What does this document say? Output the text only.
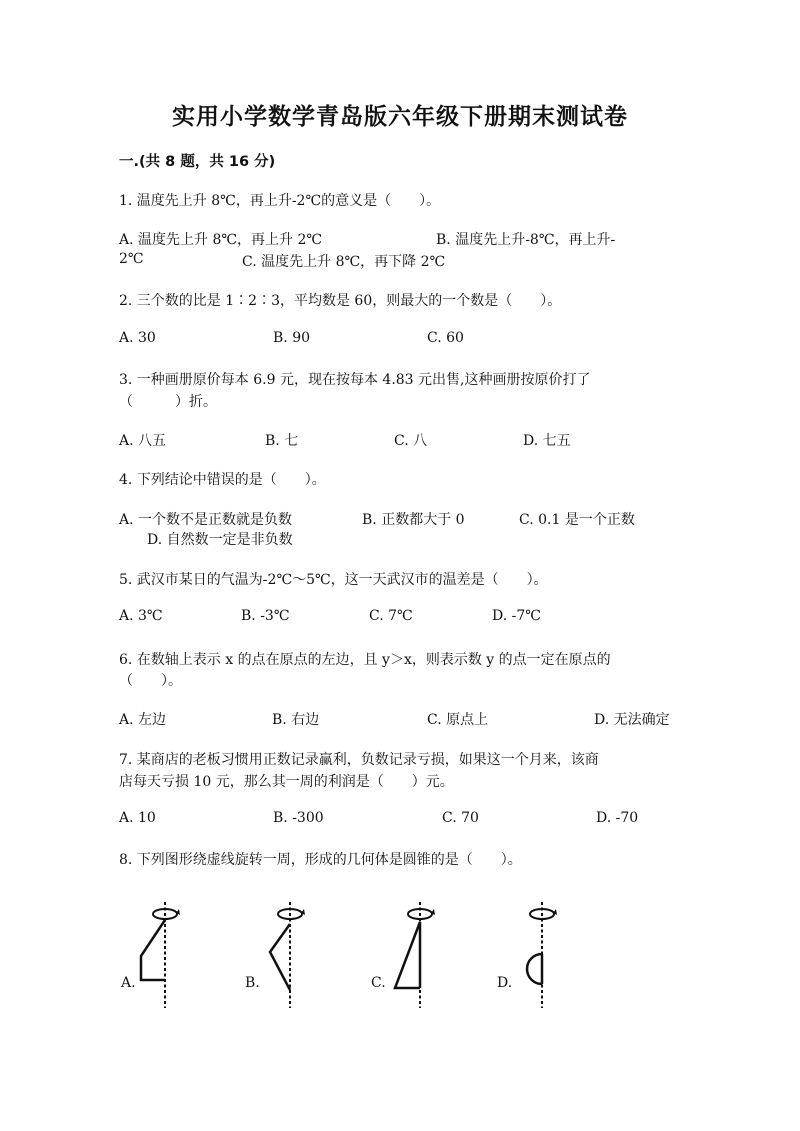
实用小学数学青岛版六年级下册期末测试卷
一.(共 8 题，共 16 分)
1. 温度先上升 8℃，再上升-2℃的意义是（　　）。
A. 温度先上升 8℃，再上升 2℃	B. 温度先上升-8℃，再上升-
2℃	C. 温度先上升 8℃，再下降 2℃
2. 三个数的比是 1∶2∶3，平均数是 60，则最大的一个数是（　　）。
A. 30	B. 90	C. 60
3. 一种画册原价每本 6.9 元，现在按每本 4.83 元出售,这种画册按原价打了
（　　　）折。
A. 八五	B. 七	C. 八	D. 七五
4. 下列结论中错误的是（　　）。
A. 一个数不是正数就是负数	B. 正数都大于 0	C. 0.1 是一个正数
D. 自然数一定是非负数
5. 武汉市某日的气温为-2℃～5℃，这一天武汉市的温差是（　　）。
A. 3℃	B. -3℃	C. 7℃	D. -7℃
6. 在数轴上表示 x 的点在原点的左边，且 y＞x，则表示数 y 的点一定在原点的
（　　）。
A. 左边	B. 右边	C. 原点上	D. 无法确定
7. 某商店的老板习惯用正数记录赢利，负数记录亏损，如果这一个月来，该商
店每天亏损 10 元，那么其一周的利润是（　　）元。
A. 10	B. -300	C. 70	D. -70
8. 下列图形绕虚线旋转一周，形成的几何体是圆锥的是（　　）。
A.	B.	C.	D.
